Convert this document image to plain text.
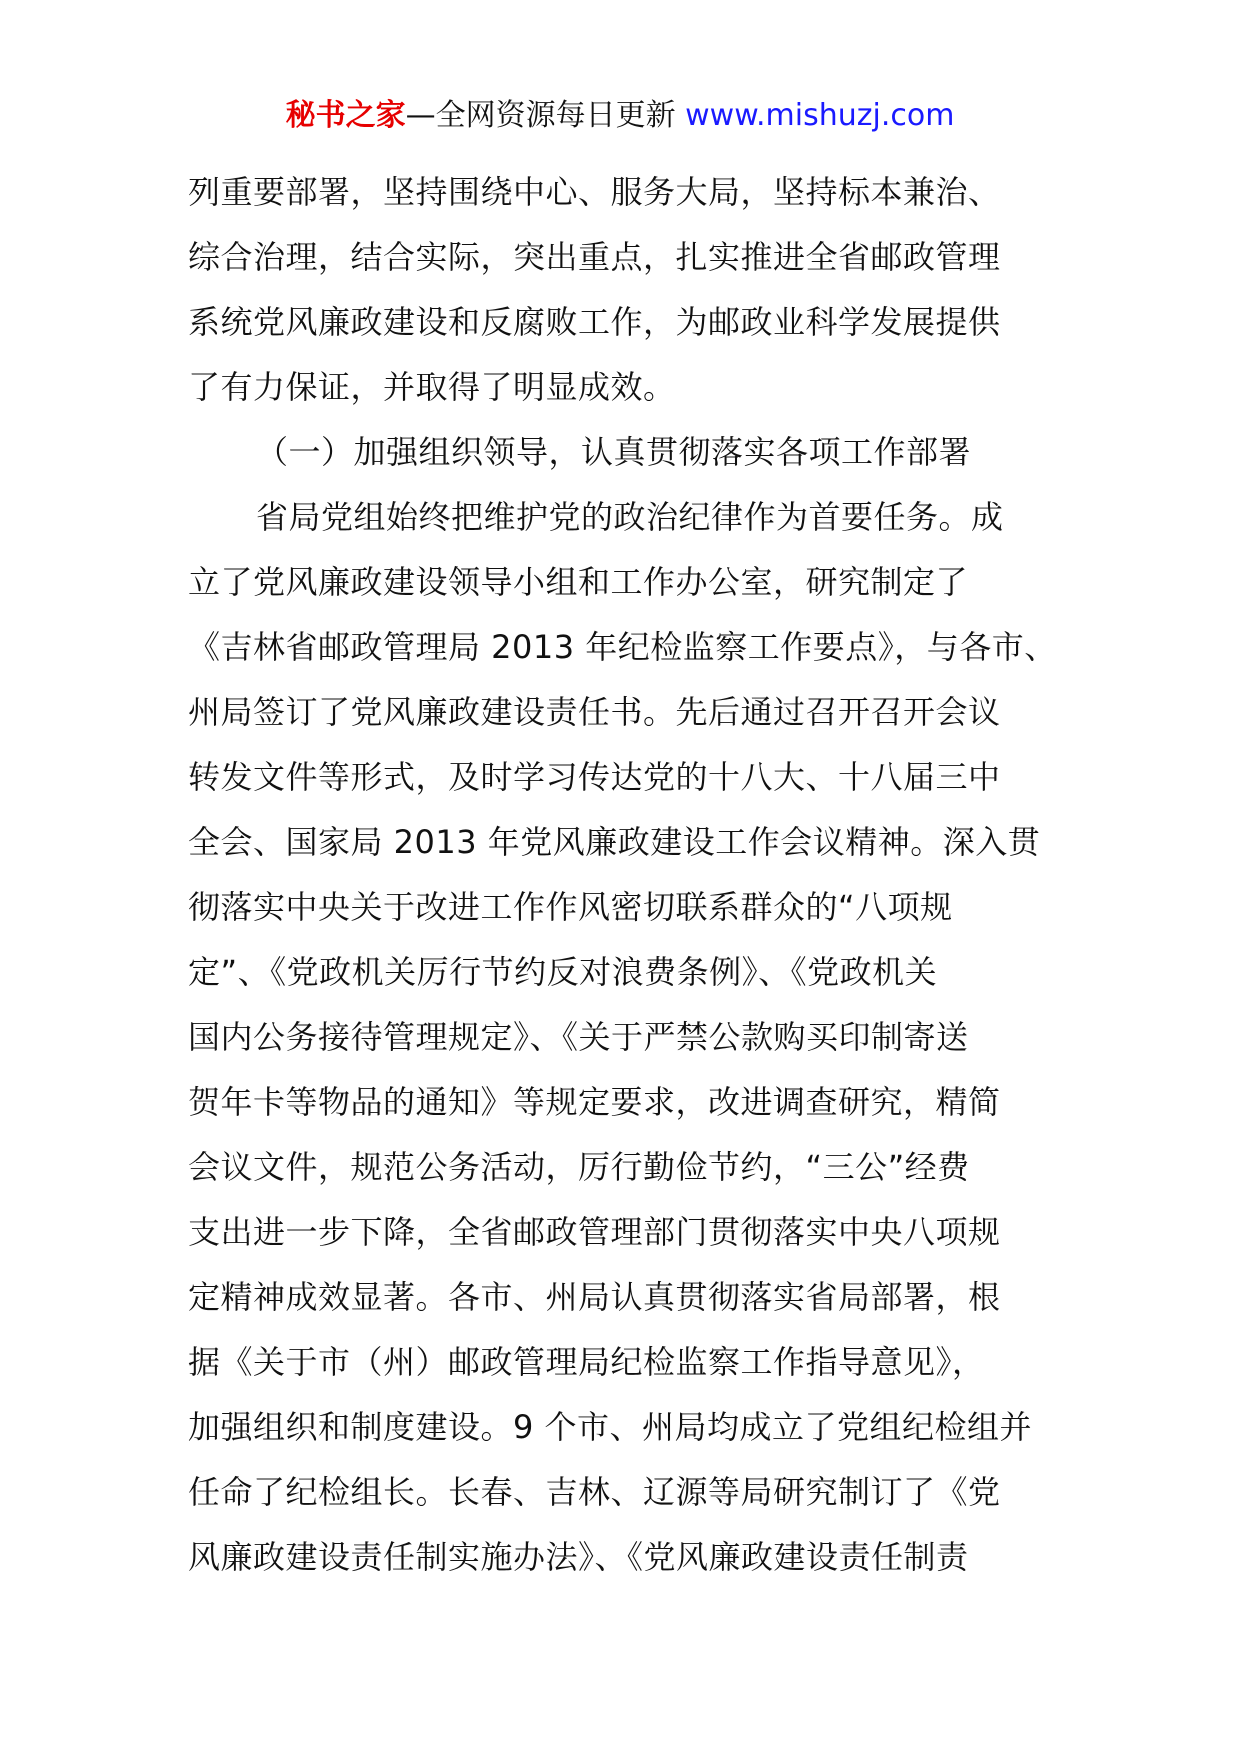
秘书之家—全网资源每日更新 www.mishuzj.com
列重要部署，坚持围绕中心、服务大局，坚持标本兼治、
综合治理，结合实际，突出重点，扎实推进全省邮政管理
系统党风廉政建设和反腐败工作，为邮政业科学发展提供
了有力保证，并取得了明显成效。
（一）加强组织领导，认真贯彻落实各项工作部署
省局党组始终把维护党的政治纪律作为首要任务。成
立了党风廉政建设领导小组和工作办公室，研究制定了
《吉林省邮政管理局 2013 年纪检监察工作要点》，与各市、
州局签订了党风廉政建设责任书。先后通过召开召开会议
转发文件等形式，及时学习传达党的十八大、十八届三中
全会、国家局 2013 年党风廉政建设工作会议精神。深入贯
彻落实中央关于改进工作作风密切联系群众的“八项规
定”、《党政机关厉行节约反对浪费条例》、《党政机关
国内公务接待管理规定》、《关于严禁公款购买印制寄送
贺年卡等物品的通知》等规定要求，改进调查研究，精简
会议文件，规范公务活动，厉行勤俭节约，“三公”经费
支出进一步下降，全省邮政管理部门贯彻落实中央八项规
定精神成效显著。各市、州局认真贯彻落实省局部署，根
据《关于市（州）邮政管理局纪检监察工作指导意见》，
加强组织和制度建设。9 个市、州局均成立了党组纪检组并
任命了纪检组长。长春、吉林、辽源等局研究制订了《党
风廉政建设责任制实施办法》、《党风廉政建设责任制责
